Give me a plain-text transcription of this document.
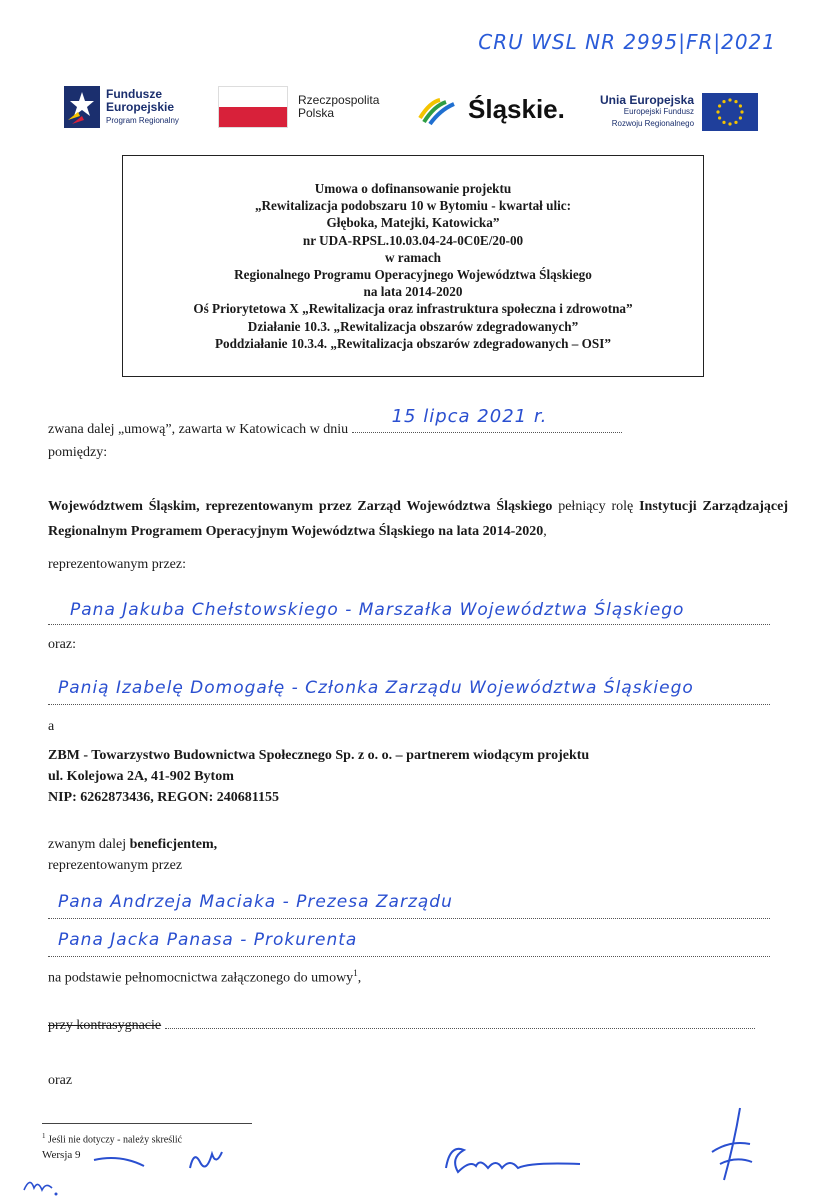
CRU WSL NR 2995|FR|2021
Fundusze
Europejskie
Program Regionalny
Rzeczpospolita
Polska	Śląskie.	Unia Europejska
Europejski Fundusz
Rozwoju Regionalnego
Umowa o dofinansowanie projektu
„Rewitalizacja podobszaru 10 w Bytomiu - kwartał ulic:
Głęboka, Matejki, Katowicka”
nr UDA-RPSL.10.03.04-24-0C0E/20-00
w ramach
Regionalnego Programu Operacyjnego Województwa Śląskiego
na lata 2014-2020
Oś Priorytetowa X „Rewitalizacja oraz infrastruktura społeczna i zdrowotna”
Działanie 10.3. „Rewitalizacja obszarów zdegradowanych”
Poddziałanie 10.3.4. „Rewitalizacja obszarów zdegradowanych – OSI”
zwana dalej „umową”, zawarta w Katowicach w dniu
15 lipca 2021 r.
pomiędzy:
Województwem Śląskim, reprezentowanym przez Zarząd Województwa Śląskiego pełniący rolę Instytucji Zarządzającej Regionalnym Programem Operacyjnym Województwa Śląskiego na lata 2014-2020,
reprezentowanym przez:
Pana Jakuba Chełstowskiego - Marszałka Województwa Śląskiego
oraz:
Panią Izabelę Domogałę - Członka Zarządu Województwa Śląskiego
a
ZBM - Towarzystwo Budownictwa Społecznego Sp. z o. o. – partnerem wiodącym projektu
ul. Kolejowa 2A, 41-902 Bytom
NIP: 6262873436, REGON: 240681155
zwanym dalej beneficjentem,
reprezentowanym przez
Pana Andrzeja Maciaka - Prezesa Zarządu
Pana Jacka Panasa - Prokurenta
na podstawie pełnomocnictwa załączonego do umowy$^1$,
przy kontrasygnacie
oraz
$^1$ Jeśli nie dotyczy - należy skreślić
Wersja 9
